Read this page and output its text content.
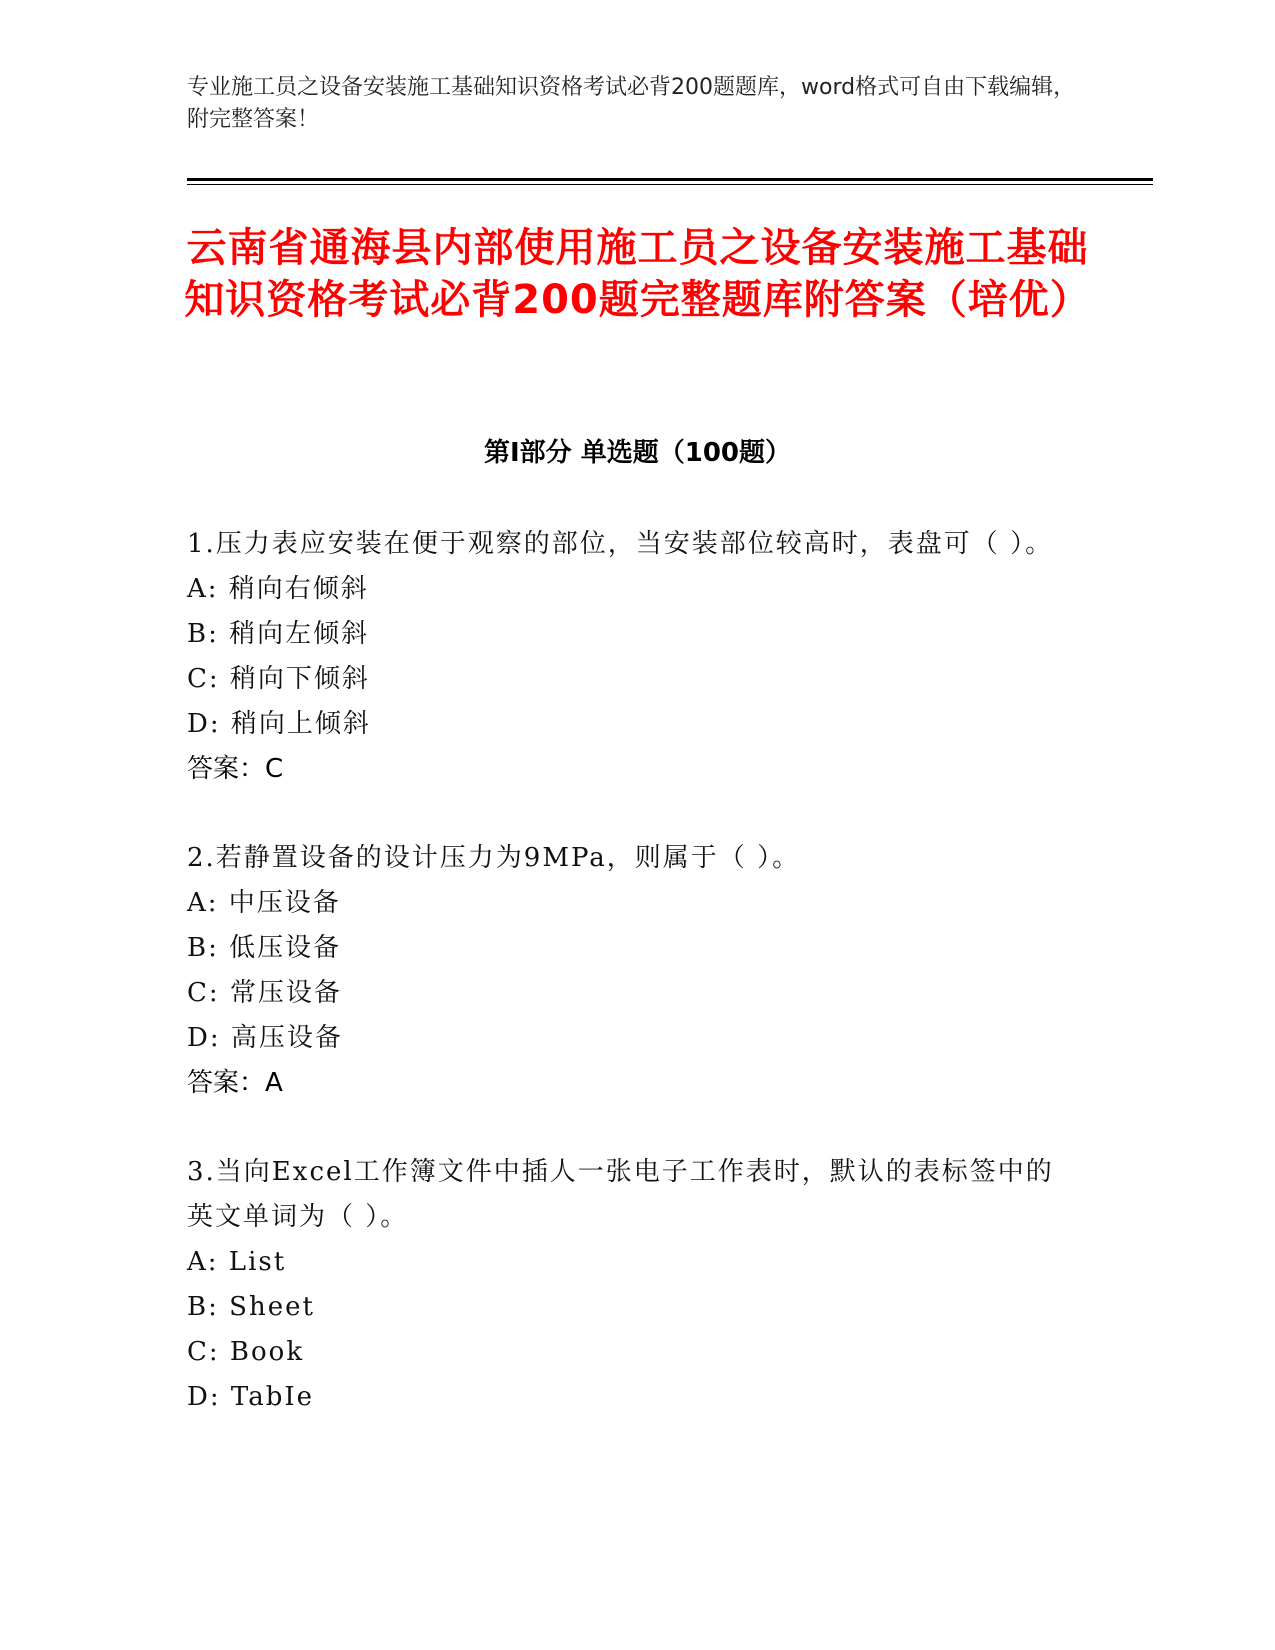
专业施工员之设备安装施工基础知识资格考试必背200题题库，word格式可自由下载编辑，附完整答案！

云南省通海县内部使用施工员之设备安装施工基础知识资格考试必背200题完整题库附答案（培优）
第Ⅰ部分 单选题（100题）

1.压力表应安装在便于观察的部位，当安装部位较高时，表盘可（ ）。

A: 稍向右倾斜

B: 稍向左倾斜

C: 稍向下倾斜

D: 稍向上倾斜

答案：C

2.若静置设备的设计压力为9MPa，则属于（ ）。

A: 中压设备

B: 低压设备

C: 常压设备

D: 高压设备

答案：A

3.当向Excel工作簿文件中插人一张电子工作表时，默认的表标签中的英文单词为（ ）。

A: List

B: Sheet

C: Book

D: TabIe
